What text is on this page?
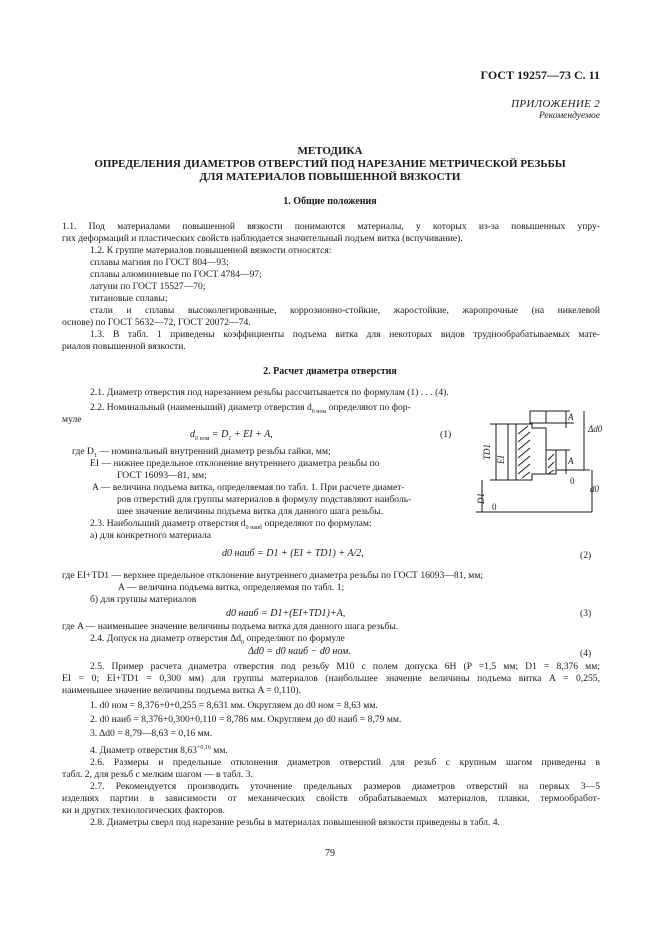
ГОСТ 19257—73 С. 11
ПРИЛОЖЕНИЕ 2
Рекомендуемое
МЕТОДИКА
ОПРЕДЕЛЕНИЯ ДИАМЕТРОВ ОТВЕРСТИЙ ПОД НАРЕЗАНИЕ МЕТРИЧЕСКОЙ РЕЗЬБЫ
ДЛЯ МАТЕРИАЛОВ ПОВЫШЕННОЙ ВЯЗКОСТИ
1. Общие положения
1.1. Под материалами повышенной вязкости понимаются материалы, у которых из-за повышенных упру-
гих деформаций и пластических свойств наблюдается значительный подъем витка (вспучивание).
1.2. К группе материалов повышенной вязкости относятся:
сплавы магния по ГОСТ 804—93;
сплавы алюминиевые по ГОСТ 4784—97;
латуни по ГОСТ 15527—70;
титановые сплавы;
стали и сплавы высоколегированные, коррозионно-стойкие, жаростойкие, жаропрочные (на никелевой
основе) по ГОСТ 5632—72, ГОСТ 20072—74.
1.3. В табл. 1 приведены коэффициенты подъема витка для некоторых видов труднообрабатываемых мате-
риалов повышенной вязкости.
2. Расчет диаметра отверстия
2.1. Диаметр отверстия под нарезанием резьбы рассчитывается по формулам (1) . . . (4).
2.2. Номинальный (наименьший) диаметр отверстия $d_{0 ном}$ определяют по фор-
муле
$d_{0 ном} = D_1$ + EI + A,	(1)
где $D_1$ — номинальный внутренний диаметр резьбы гайки, мм;
EI — нижнее предельное отклонение внутреннего диаметра резьбы по
ГОСТ 16093—81, мм;
A — величина подъема витка, определяемая по табл. 1. При расчете диамет-
ров отверстий для группы материалов в формулу подставляют наиболь-
шее значение величины подъема витка для данного шага резьбы.
2.3. Наибольший диаметр отверстия $d_{0 наиб}$ определяют по формулам:
а) для конкретного материала
d0 наиб = D1 + (EI + TD1) + A/2,	(2)
где EI+TD1 — верхнее предельное отклонение внутреннего диаметра резьбы по ГОСТ 16093—81, мм;
A — величина подъема витка, определяемая по табл. 1;
б) для группы материалов
d0 наиб = D1+(EI+TD1)+A,	(3)
где A — наименьшее значение величины подъема витка для данного шага резьбы.
2.4. Допуск на диаметр отверстия $\Delta d_0$ определяют по формуле
Δd0 = d0 наиб − d0 ном.	(4)
2.5. Пример расчета диаметра отверстия под резьбу M10 с полем допуска 6Н (P =1,5 мм; D1 = 8,376 мм;
EI = 0; EI+TD1 = 0,300 мм) для группы материалов (наибольшее значение величины подъема витка A = 0,255,
наименьшее значение величины подъема витка A = 0,110).
1. d0 ном = 8,376+0+0,255 = 8,631 мм. Округляем до d0 ном = 8,63 мм.
2. d0 наиб = 8,376+0,300+0,110 = 8,786 мм. Округляем до d0 наиб = 8,79 мм.
3. Δd0 = 8,79—8,63 = 0,16 мм.
4. Диаметр отверстия $8,63^{+0,16}$ мм.
2.6. Размеры и предельные отклонения диаметров отверстий для резьб с крупным шагом приведены в
табл. 2, для резьб с мелким шагом — в табл. 3.
2.7. Рекомендуется производить уточнение предельных размеров диаметров отверстий на первых 3—5
изделиях партии в зависимости от механических свойств обрабатываемых материалов, плавки, термообработ-
ки и других технологических факторов.
2.8. Диаметры сверл под нарезание резьбы в материалах повышенной вязкости приведены в табл. 4.
A
A
Δd0
TD1 EI
d0
D1
0
0
79
